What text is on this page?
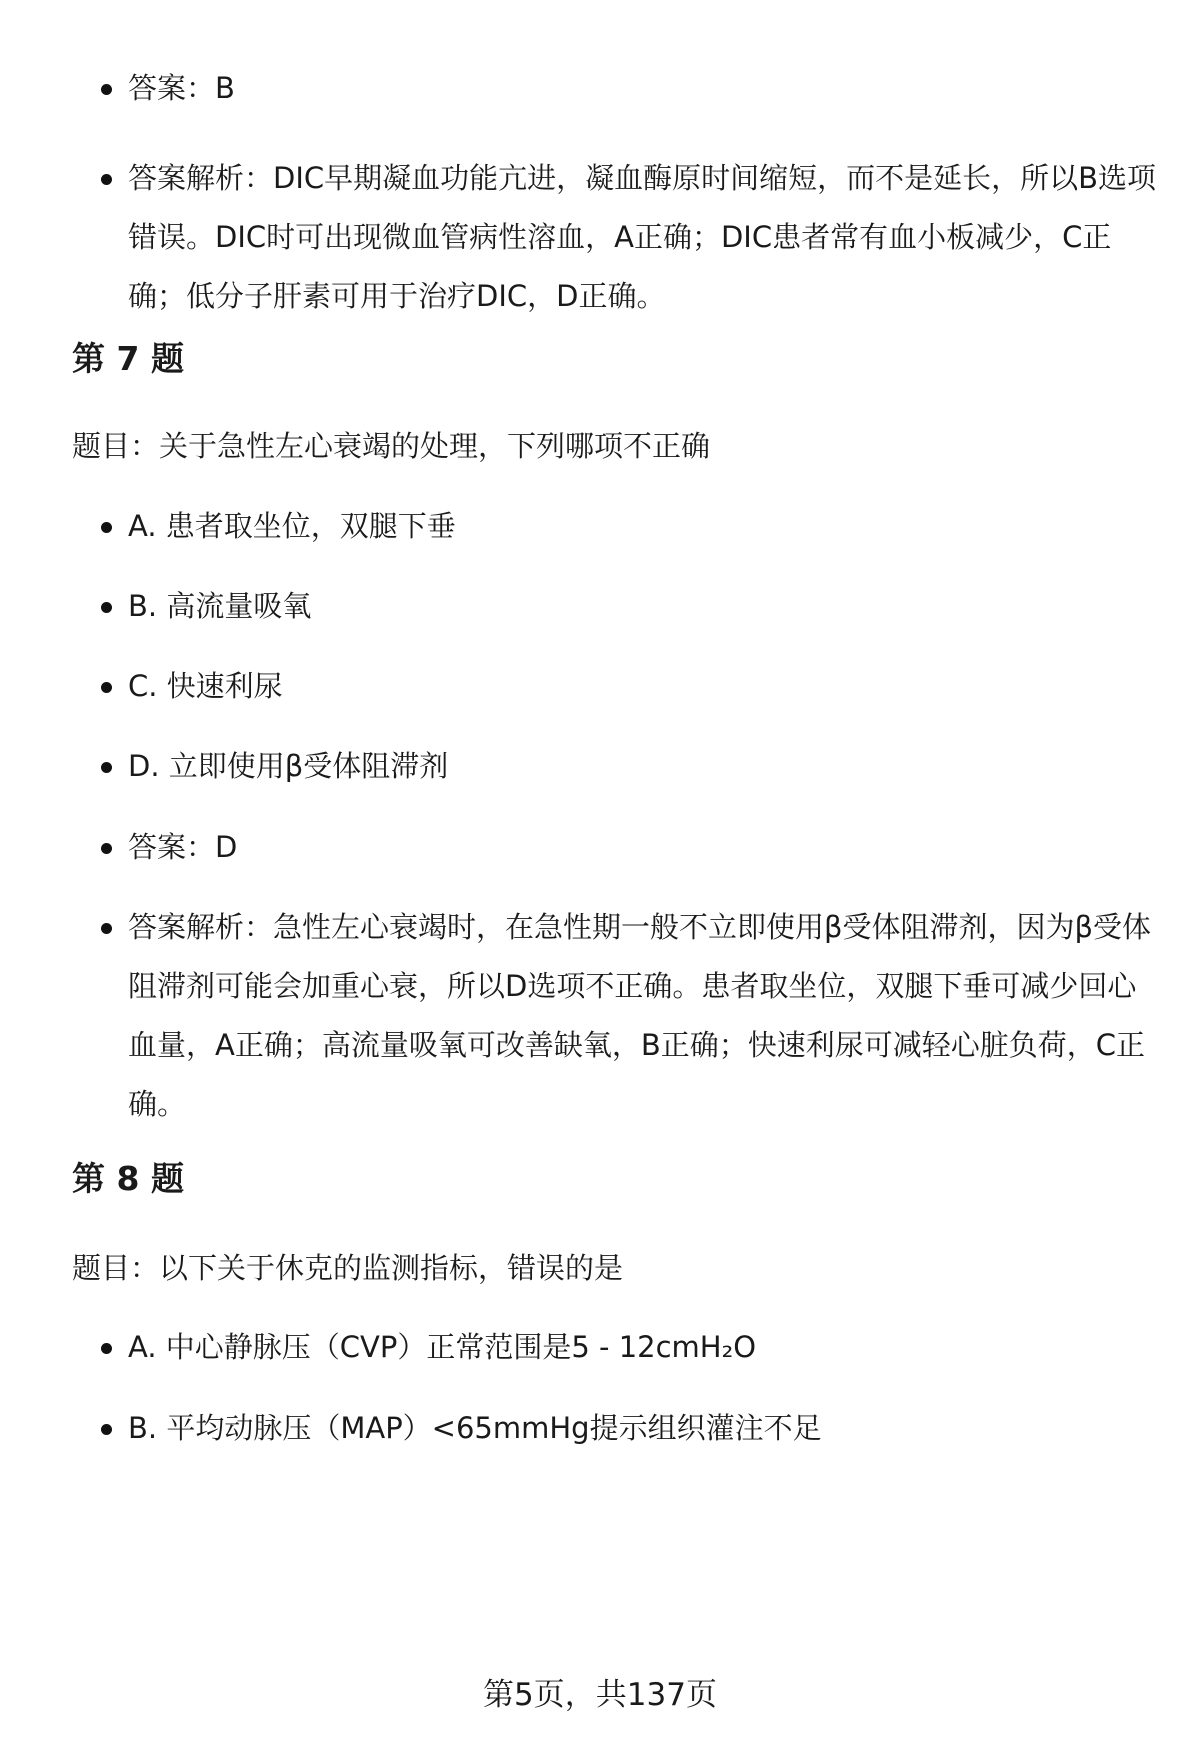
答案：B
答案解析：DIC早期凝血功能亢进，凝血酶原时间缩短，而不是延长，所以B选项错误。DIC时可出现微血管病性溶血，A正确；DIC患者常有血小板减少，C正确；低分子肝素可用于治疗DIC，D正确。
第 7 题

题目：关于急性左心衰竭的处理，下列哪项不正确

A. 患者取坐位，双腿下垂
B. 高流量吸氧
C. 快速利尿
D. 立即使用β受体阻滞剂
答案：D
答案解析：急性左心衰竭时，在急性期一般不立即使用β受体阻滞剂，因为β受体阻滞剂可能会加重心衰，所以D选项不正确。患者取坐位，双腿下垂可减少回心血量，A正确；高流量吸氧可改善缺氧，B正确；快速利尿可减轻心脏负荷，C正确。
第 8 题

题目：以下关于休克的监测指标，错误的是

A. 中心静脉压（CVP）正常范围是5 - 12cmH₂O
B. 平均动脉压（MAP）<65mmHg提示组织灌注不足

第5页，共137页
